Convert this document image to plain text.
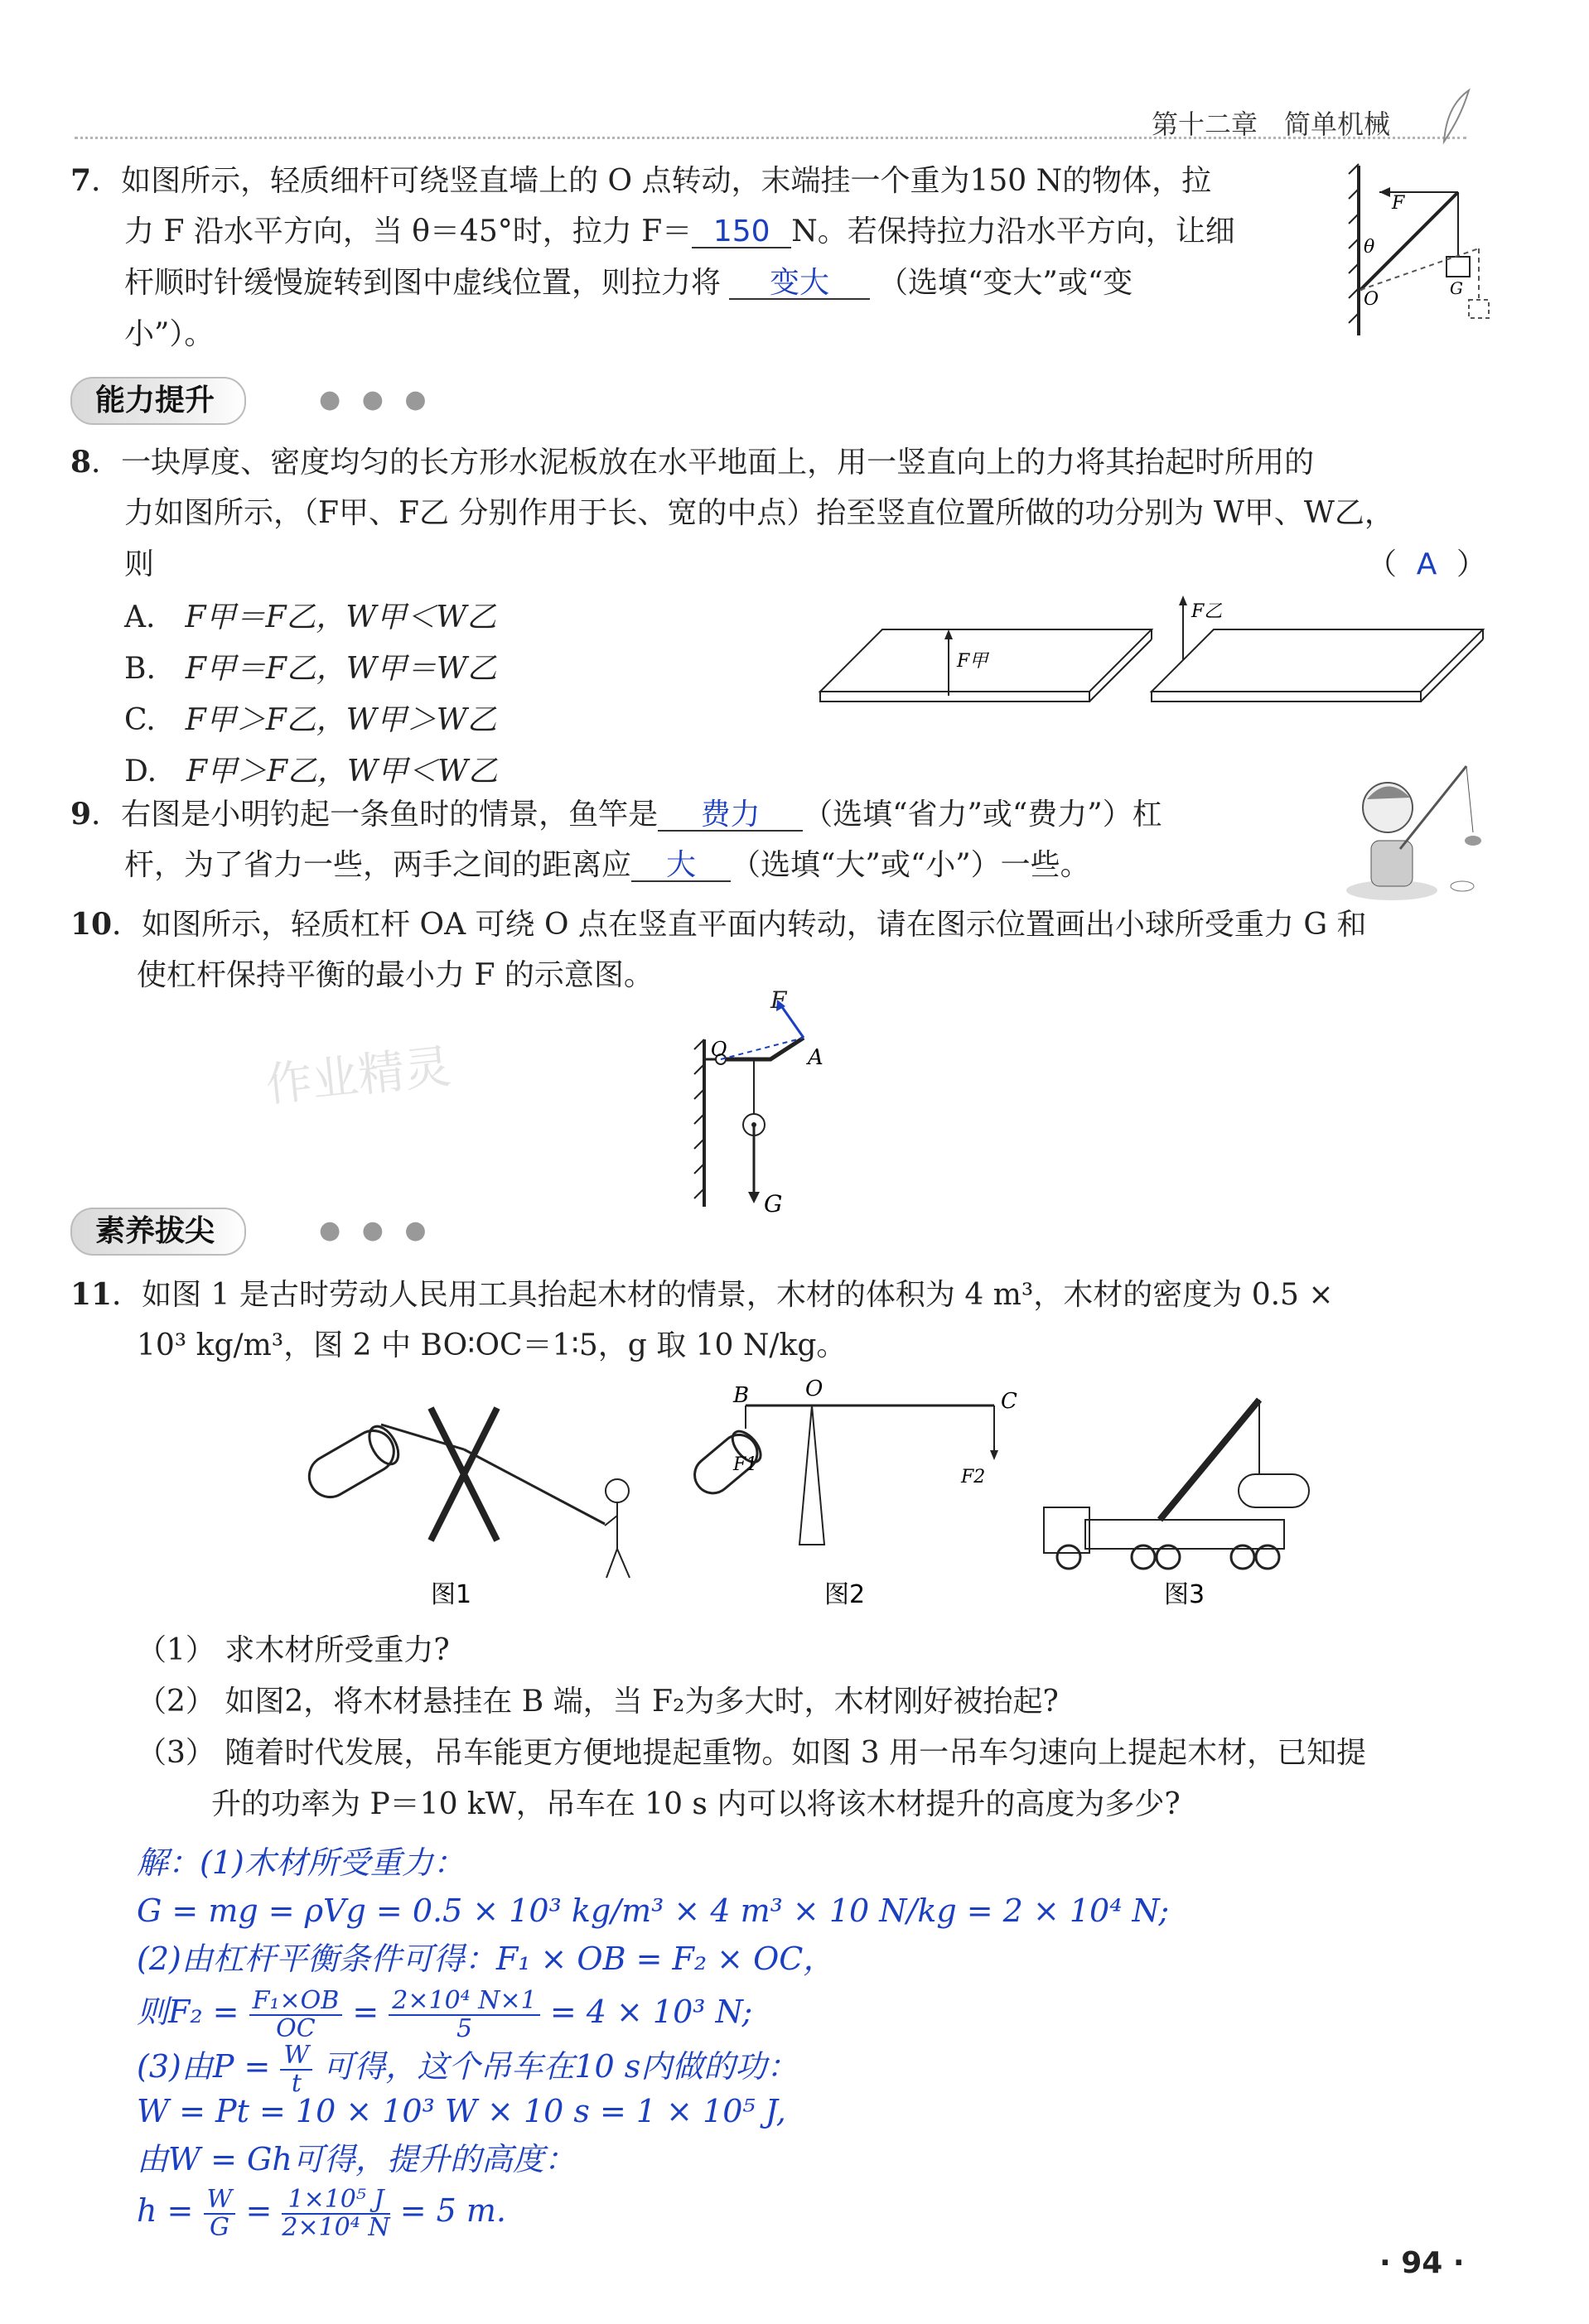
第十二章　简单机械
7．如图所示，轻质细杆可绕竖直墙上的 O 点转动，末端挂一个重为150 N的物体，拉
力 F 沿水平方向，当 θ＝45°时，拉力 F＝ 150 N。若保持拉力沿水平方向，让细
杆顺时针缓慢旋转到图中虚线位置，则拉力将 变大 （选填“变大”或“变
小”）。
F
θ
O
G
能力提升	● ● ●
8．一块厚度、密度均匀的长方形水泥板放在水平地面上，用一竖直向上的力将其抬起时所用的
力如图所示，（F甲、F乙 分别作用于长、宽的中点）抬至竖直位置所做的功分别为 W甲、W乙，
则	（ A ）
A.　 F甲＝F乙，W甲＜W乙
B.　 F甲＝F乙，W甲＝W乙
C.　 F甲＞F乙，W甲＞W乙
D.　 F甲＞F乙，W甲＜W乙
F甲
F乙
9．右图是小明钓起一条鱼时的情景，鱼竿是 费力 （选填“省力”或“费力”）杠
杆，为了省力一些，两手之间的距离应 大 （选填“大”或“小”）一些。
10．如图所示，轻质杠杆 OA 可绕 O 点在竖直平面内转动，请在图示位置画出小球所受重力 G 和
使杠杆保持平衡的最小力 F 的示意图。
作业精灵
F
O	A
G
素养拔尖	● ● ●
11．如图 1 是古时劳动人民用工具抬起木材的情景，木材的体积为 4 m³，木材的密度为 0.5 ×
10³ kg/m³，图 2 中 BO∶OC＝1∶5，g 取 10 N/kg。
图1
B	O	C
F1
F2
图2	图3
（1） 求木材所受重力?
（2） 如图2，将木材悬挂在 B 端，当 F₂为多大时，木材刚好被抬起?
（3） 随着时代发展，吊车能更方便地提起重物。如图 3 用一吊车匀速向上提起木材，已知提
升的功率为 P＝10 kW，吊车在 10 s 内可以将该木材提升的高度为多少?
解：(1)木材所受重力：
G = mg = ρVg = 0.5 × 10³ kg/m³ × 4 m³ × 10 N/kg = 2 × 10⁴ N;
(2)由杠杆平衡条件可得：F₁ × OB = F₂ × OC，
则$F_2 = \frac{\text{F₁×OB}}{OC} = \frac{\text{2×10⁴ N×1}}{5} = 4 \times 10^3$ N;
(3)由$P = \frac{W}{t}$ 可得，这个吊车在10 s内做的功：
W = Pt = 10 × 10³ W × 10 s = 1 × 10⁵ J,
由W = Gh可得，提升的高度：
$h = \frac{W}{G} = \frac{\text{1×10⁵ J}}{\text{2×10⁴ N}} = 5$ m.
· 94 ·
